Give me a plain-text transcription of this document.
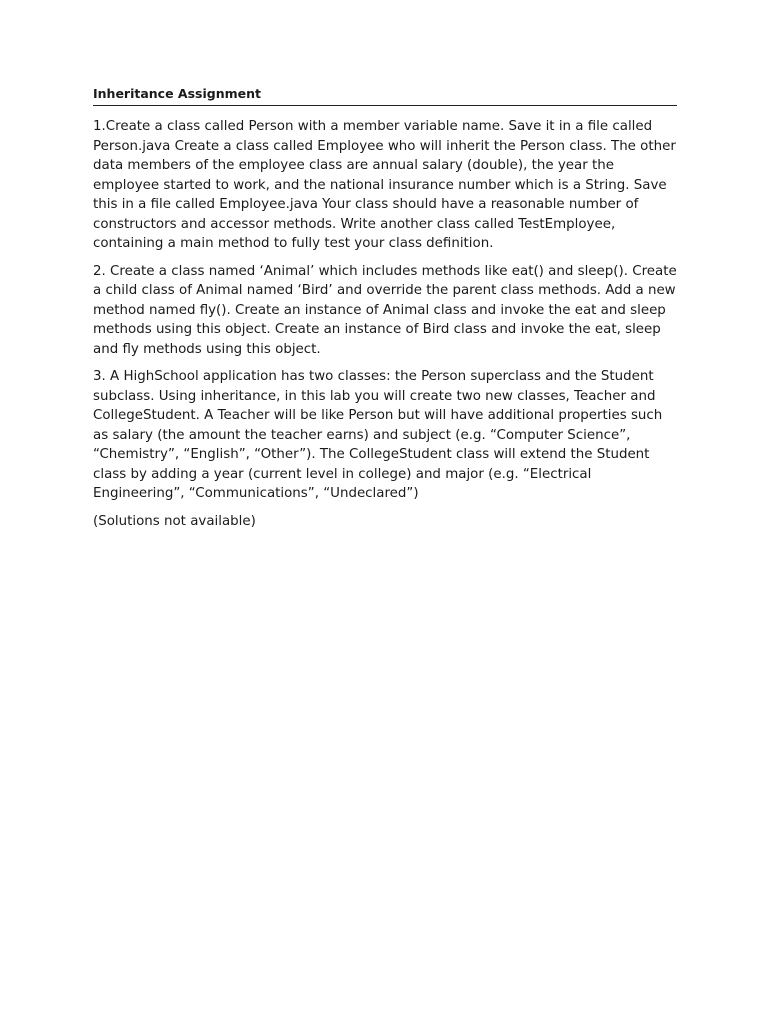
Inheritance Assignment

1.Create a class called Person with a member variable name. Save it in a file called Person.java Create a class called Employee who will inherit the Person class. The other data members of the employee class are annual salary (double), the year the employee started to work, and the national insurance number which is a String. Save this in a file called Employee.java Your class should have a reasonable number of constructors and accessor methods. Write another class called TestEmployee, containing a main method to fully test your class definition.

2. Create a class named ‘Animal’ which includes methods like eat() and sleep(). Create a child class of Animal named ‘Bird’ and override the parent class methods. Add a new method named fly(). Create an instance of Animal class and invoke the eat and sleep methods using this object. Create an instance of Bird class and invoke the eat, sleep and fly methods using this object.

3. A HighSchool application has two classes: the Person superclass and the Student subclass. Using inheritance, in this lab you will create two new classes, Teacher and CollegeStudent. A Teacher will be like Person but will have additional properties such as salary (the amount the teacher earns) and subject (e.g. “Computer Science”, “Chemistry”, “English”, “Other”). The CollegeStudent class will extend the Student class by adding a year (current level in college) and major (e.g. “Electrical Engineering”, “Communications”, “Undeclared”)

(Solutions not available)
